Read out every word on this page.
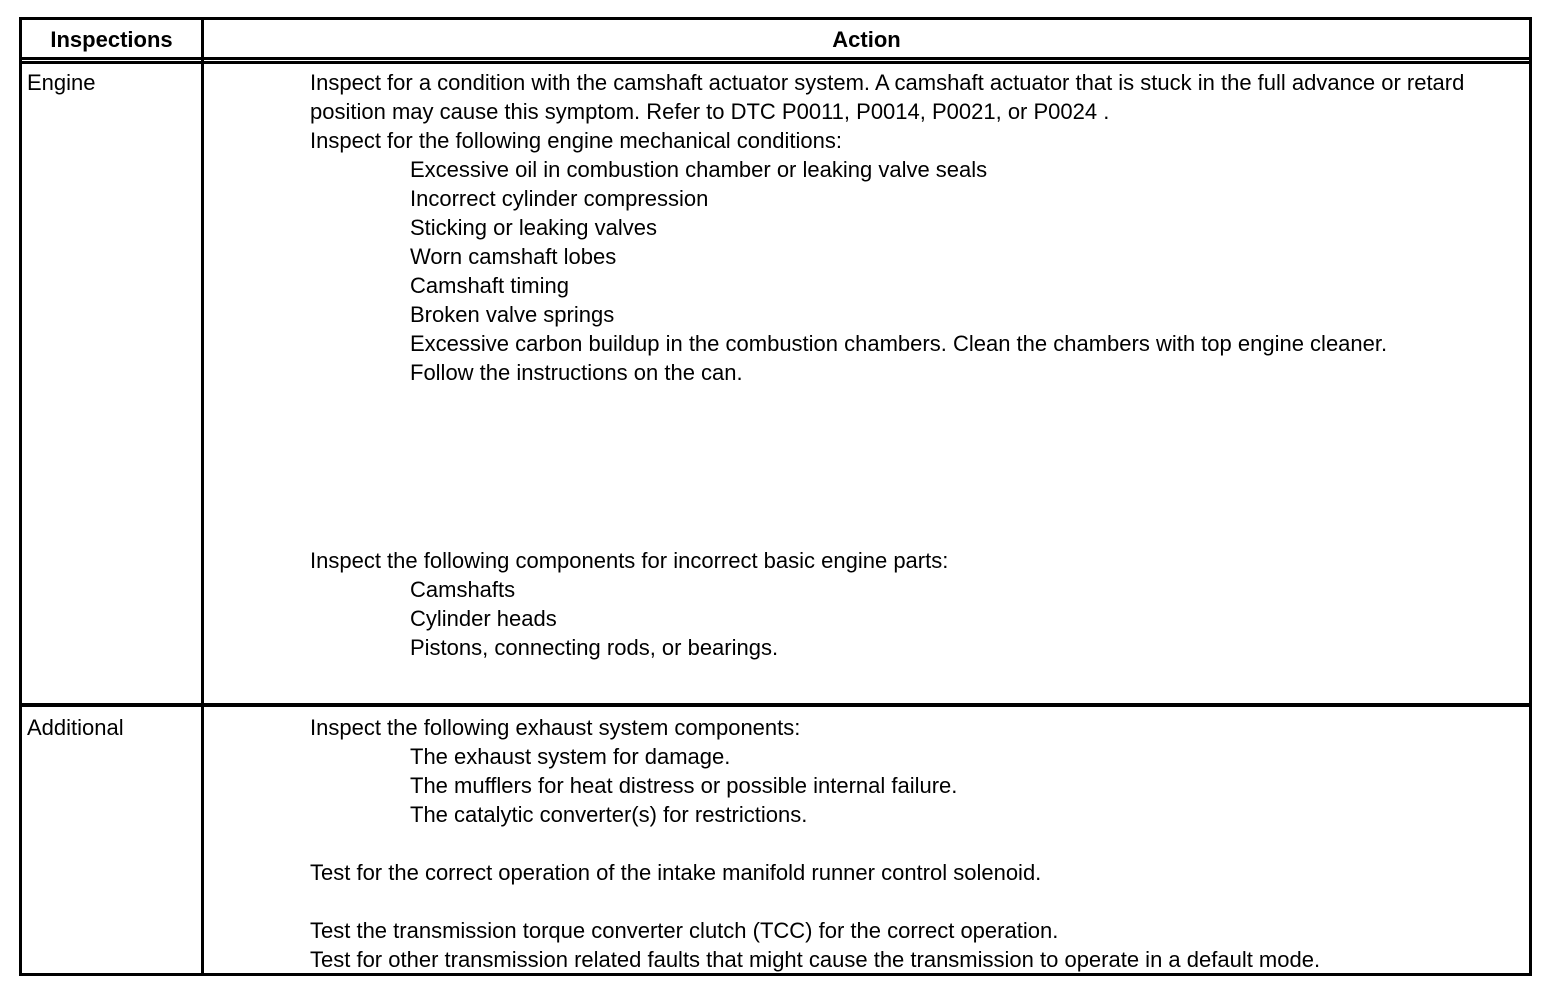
Inspections	Action
Engine	Inspect for a condition with the camshaft actuator system. A camshaft actuator that is stuck in the full advance or retard position may cause this symptom. Refer to DTC P0011, P0014, P0021, or P0024 .
Inspect for the following engine mechanical conditions:
Excessive oil in combustion chamber or leaking valve seals
Incorrect cylinder compression
Sticking or leaking valves
Worn camshaft lobes
Camshaft timing
Broken valve springs
Excessive carbon buildup in the combustion chambers. Clean the chambers with top engine cleaner.
Follow the instructions on the can.
Inspect the following components for incorrect basic engine parts:
Camshafts
Cylinder heads
Pistons, connecting rods, or bearings.
Additional	Inspect the following exhaust system components:
The exhaust system for damage.
The mufflers for heat distress or possible internal failure.
The catalytic converter(s) for restrictions.
Test for the correct operation of the intake manifold runner control solenoid.
Test the transmission torque converter clutch (TCC) for the correct operation.
Test for other transmission related faults that might cause the transmission to operate in a default mode.
